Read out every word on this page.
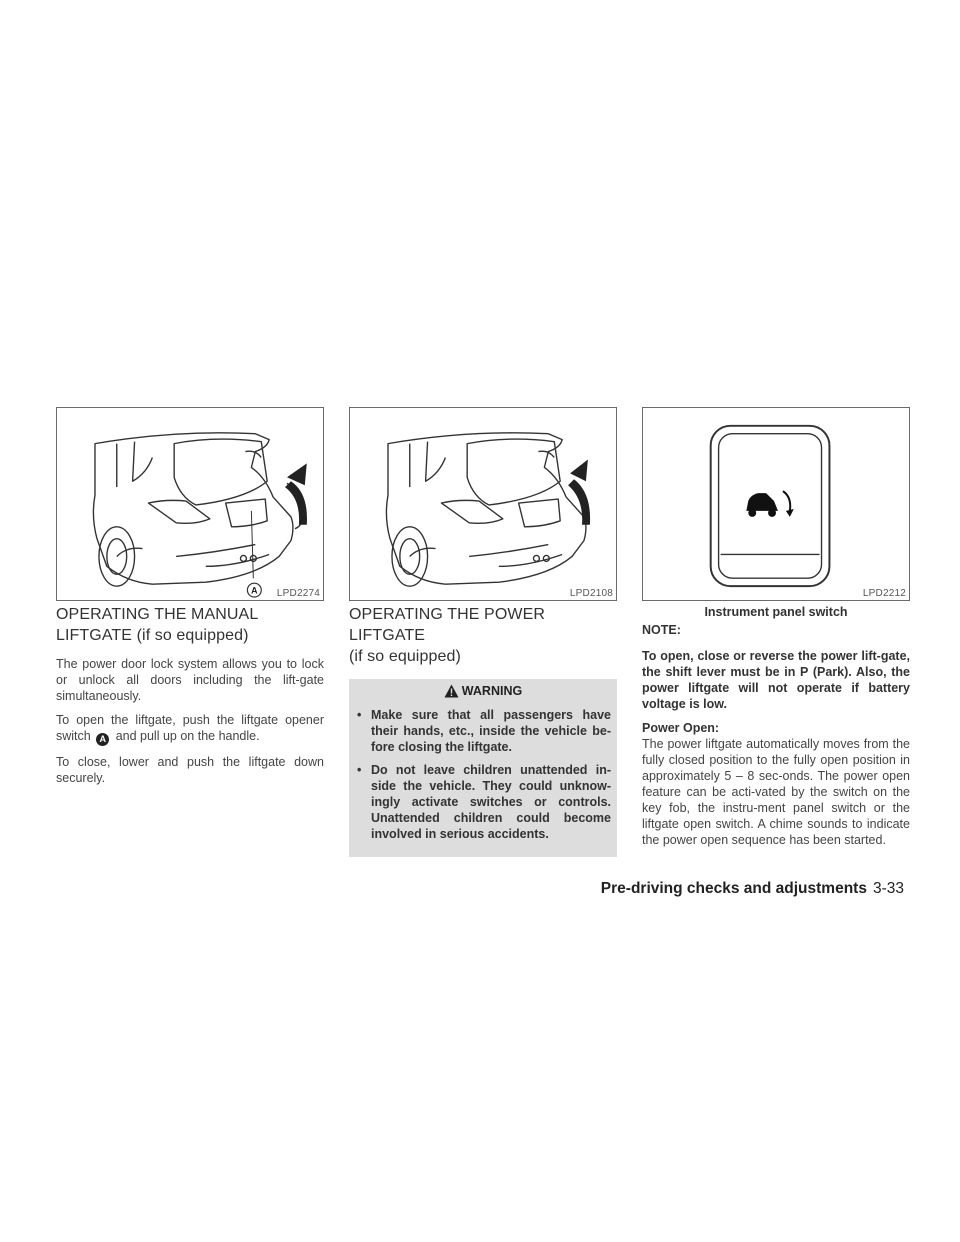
A LPD2274	LPD2108	LPD2212
OPERATING THE MANUAL
LIFTGATE (if so equipped)

The power door lock system allows you to lock or unlock all doors including the lift-gate simultaneously.

To open the liftgate, push the liftgate opener switch A and pull up on the handle.

To close, lower and push the liftgate down securely.

OPERATING THE POWER LIFTGATE
(if so equipped)
WARNING
• Make sure that all passengers have their hands, etc., inside the vehicle be-fore closing the liftgate.
• Do not leave children unattended in-side the vehicle. They could unknow-ingly activate switches or controls. Unattended children could become involved in serious accidents.
Instrument panel switch
NOTE:

To open, close or reverse the power lift-gate, the shift lever must be in P (Park). Also, the power liftgate will not operate if battery voltage is low.

Power Open:

The power liftgate automatically moves from the fully closed position to the fully open position in approximately 5 – 8 sec-onds. The power open feature can be acti-vated by the switch on the key fob, the instru-ment panel switch or the liftgate open switch. A chime sounds to indicate the power open sequence has been started.

Pre-driving checks and adjustments 3-33
